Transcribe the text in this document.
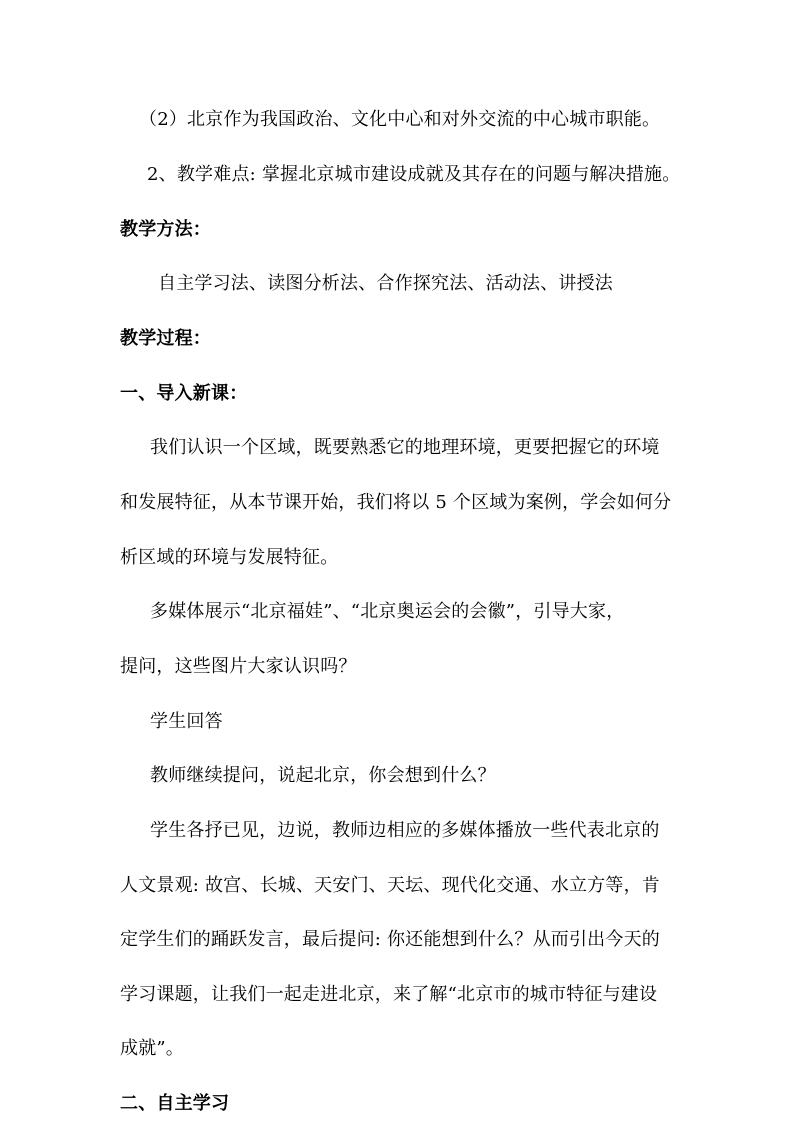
（2）北京作为我国政治、文化中心和对外交流的中心城市职能。
2、教学难点: 掌握北京城市建设成就及其存在的问题与解决措施。
教学方法：
自主学习法、读图分析法、合作探究法、活动法、讲授法
教学过程：
一、导入新课：
我们认识一个区域，既要熟悉它的地理环境，更要把握它的环境
和发展特征，从本节课开始，我们将以 5 个区域为案例，学会如何分
析区域的环境与发展特征。
多媒体展示“北京福娃”、“北京奥运会的会徽”，引导大家，
提问，这些图片大家认识吗？
学生回答
教师继续提问，说起北京，你会想到什么？
学生各抒已见，边说，教师边相应的多媒体播放一些代表北京的
人文景观: 故宫、长城、天安门、天坛、现代化交通、水立方等，肯
定学生们的踊跃发言，最后提问: 你还能想到什么？从而引出今天的
学习课题，让我们一起走进北京，来了解“北京市的城市特征与建设
成就”。
二、自主学习
